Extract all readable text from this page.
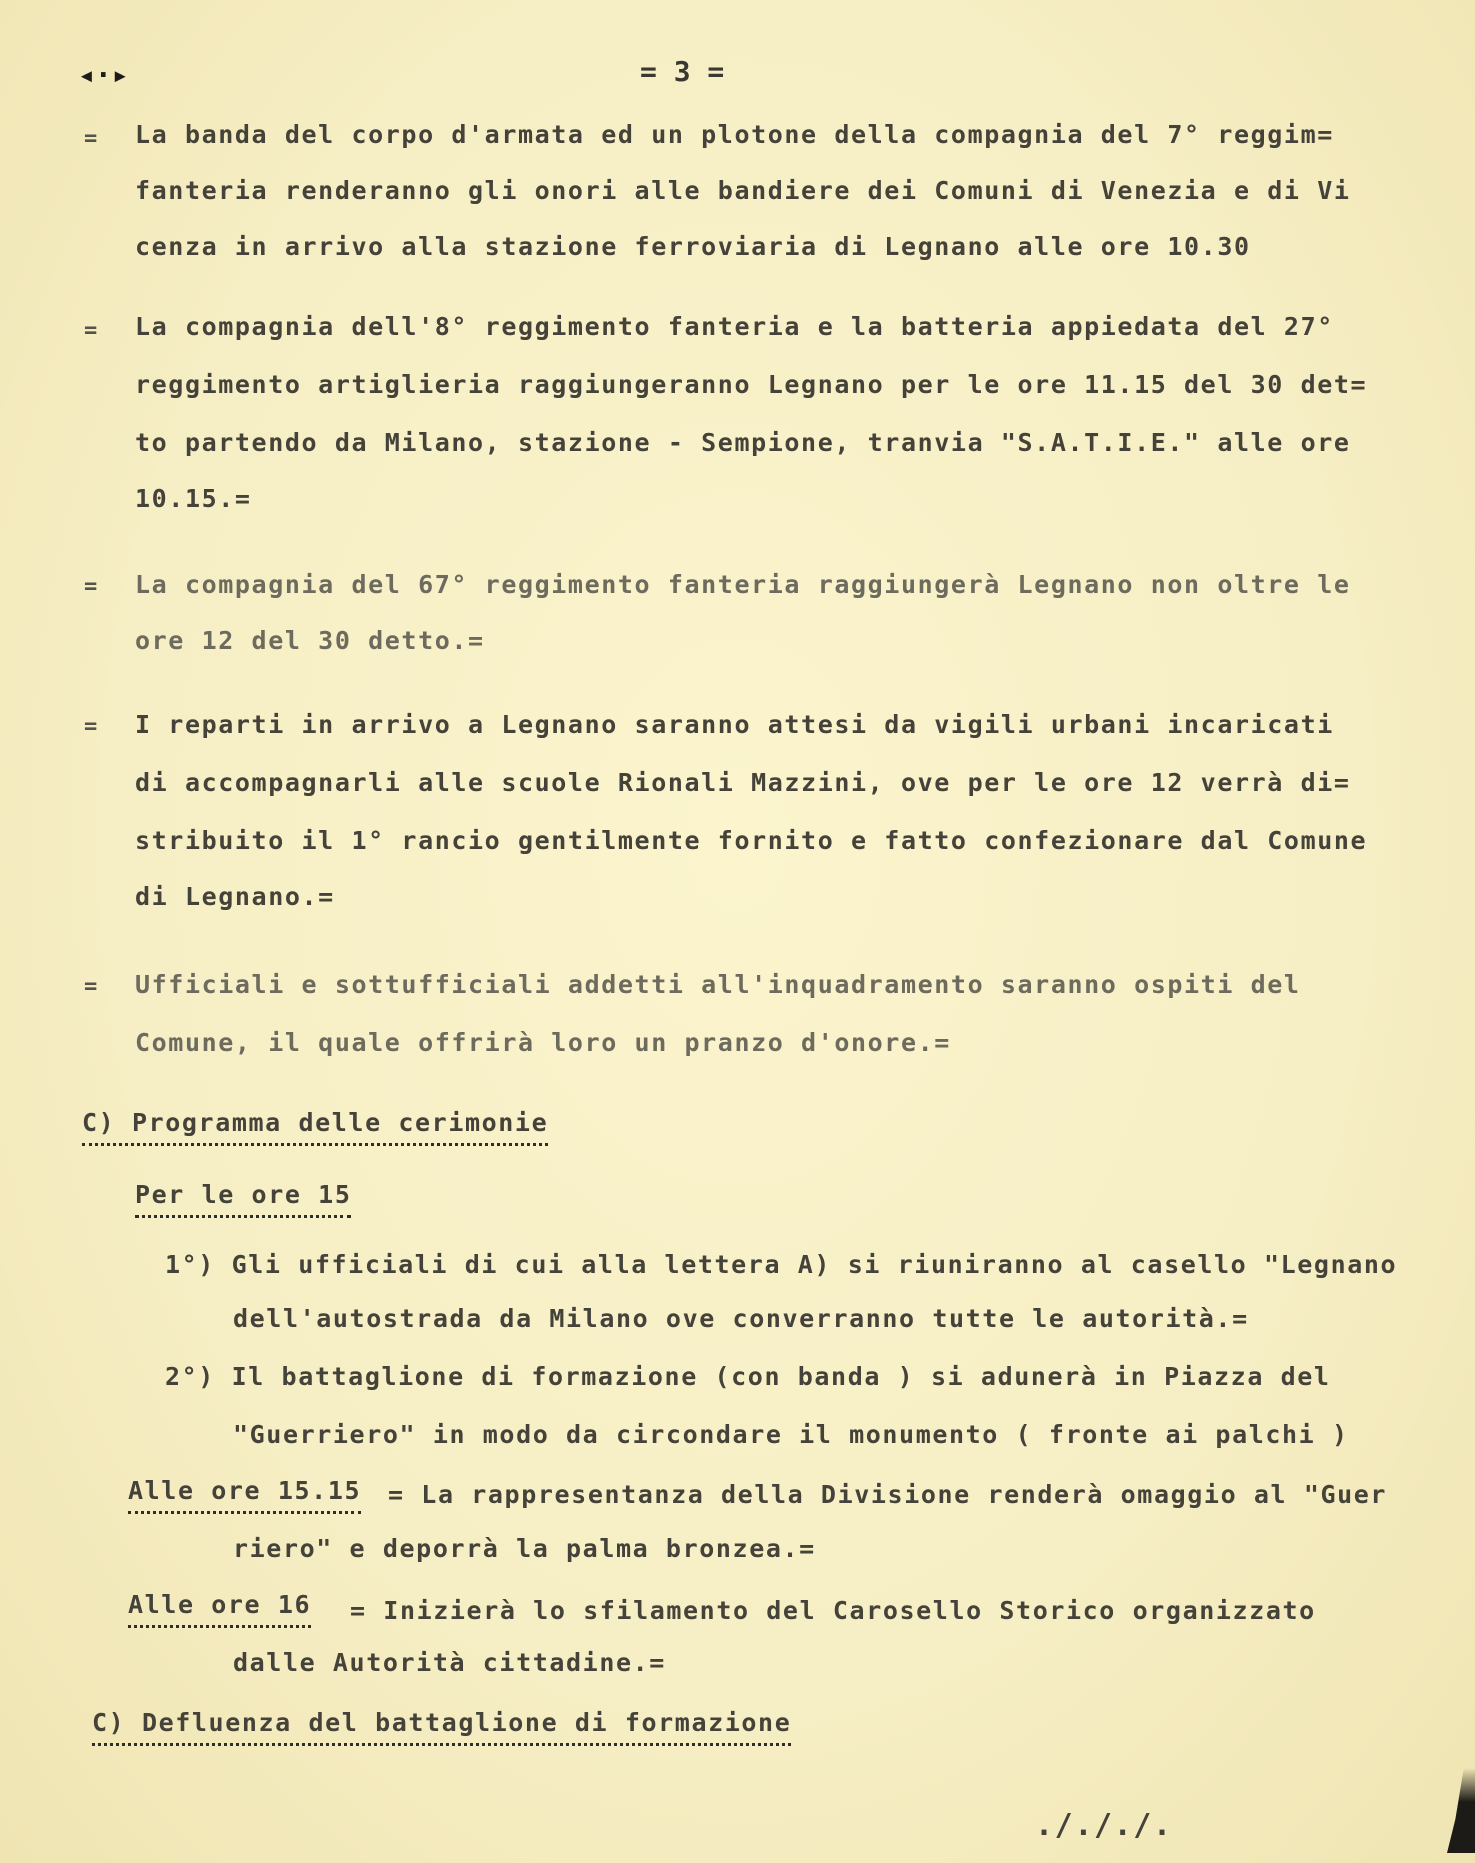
◂·▸	= 3 =
= La banda del corpo d'armata ed un plotone della compagnia del 7° reggim=
fanteria renderanno gli onori alle bandiere dei Comuni di Venezia e di Vi
cenza in arrivo alla stazione ferroviaria di Legnano alle ore 10.30
= La compagnia dell'8° reggimento fanteria e la batteria appiedata del 27°
reggimento artiglieria raggiungeranno Legnano per le ore 11.15 del 30 det=
to partendo da Milano, stazione - Sempione, tranvia "S.A.T.I.E." alle ore
10.15.=
= La compagnia del 67° reggimento fanteria raggiungerà Legnano non oltre le
ore 12 del 30 detto.=
= I reparti in arrivo a Legnano saranno attesi da vigili urbani incaricati
di accompagnarli alle scuole Rionali Mazzini, ove per le ore 12 verrà di=
stribuito il 1° rancio gentilmente fornito e fatto confezionare dal Comune
di Legnano.=
= Ufficiali e sottufficiali addetti all'inquadramento saranno ospiti del
Comune, il quale offrirà loro un pranzo d'onore.=
C) Programma delle cerimonie
Per le ore 15
1°) Gli ufficiali di cui alla lettera A) si riuniranno al casello "Legnano
dell'autostrada da Milano ove converranno tutte le autorità.=
2°) Il battaglione di formazione (con banda ) si adunerà in Piazza del
"Guerriero" in modo da circondare il monumento ( fronte ai palchi )
Alle ore 15.15 = La rappresentanza della Divisione renderà omaggio al "Guer
riero" e deporrà la palma bronzea.=
Alle ore 16 = Inizierà lo sfilamento del Carosello Storico organizzato
dalle Autorità cittadine.=
C) Defluenza del battaglione di formazione
./././.
